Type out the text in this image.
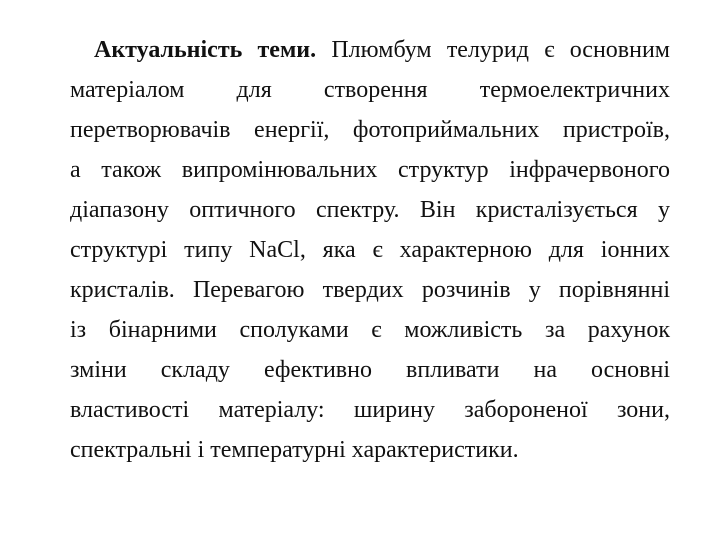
Актуальність теми. Плюмбум телурид є основним
матеріалом для створення термоелектричних
перетворювачів енергії, фотоприймальних пристроїв,
а також випромінювальних структур інфрачервоного
діапазону оптичного спектру. Він кристалізується у
структурі типу NaCl, яка є характерною для іонних
кристалів. Перевагою твердих розчинів у порівнянні
із бінарними сполуками є можливість за рахунок
зміни складу ефективно впливати на основні
властивості матеріалу: ширину забороненої зони,
спектральні і температурні характеристики.
